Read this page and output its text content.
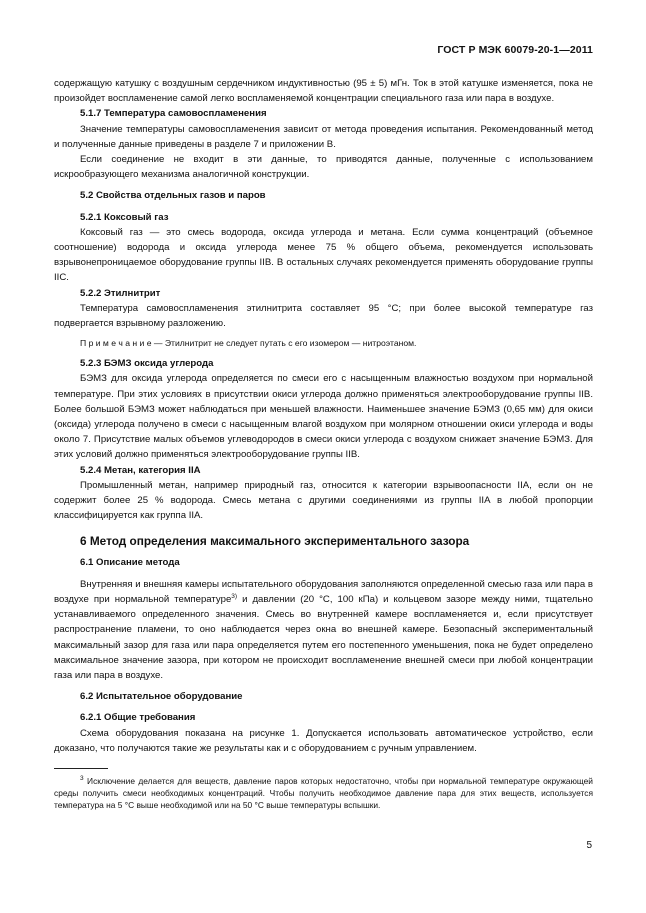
ГОСТ Р МЭК 60079-20-1—2011

содержащую катушку с воздушным сердечником индуктивностью (95 ± 5) мГн. Ток в этой катушке изменяется, пока не произойдет воспламенение самой легко воспламеняемой концентрации специального газа или пара в воздухе.

5.1.7 Температура самовоспламенения

Значение температуры самовоспламенения зависит от метода проведения испытания. Рекомендованный метод и полученные данные приведены в разделе 7 и приложении В.

Если соединение не входит в эти данные, то приводятся данные, полученные с использованием искрообразующего механизма аналогичной конструкции.

5.2 Свойства отдельных газов и паров

5.2.1 Коксовый газ

Коксовый газ — это смесь водорода, оксида углерода и метана. Если сумма концентраций (объемное соотношение) водорода и оксида углерода менее 75 % общего объема, рекомендуется использовать взрывонепроницаемое оборудование группы IIB. В остальных случаях рекомендуется применять оборудование группы IIC.

5.2.2 Этилнитрит

Температура самовоспламенения этилнитрита составляет 95 °С; при более высокой температуре газ подвергается взрывному разложению.

П р и м е ч а н и е — Этилнитрит не следует путать с его изомером — нитроэтаном.

5.2.3 БЭМЗ оксида углерода

БЭМЗ для оксида углерода определяется по смеси его с насыщенным влажностью воздухом при нормальной температуре. При этих условиях в присутствии окиси углерода должно применяться электрооборудование группы IIB. Более большой БЭМЗ может наблюдаться при меньшей влажности. Наименьшее значение БЭМЗ (0,65 мм) для окиси (оксида) углерода получено в смеси с насыщенным влагой воздухом при молярном отношении окиси углерода и воды около 7. Присутствие малых объемов углеводородов в смеси окиси углерода с воздухом снижает значение БЭМЗ. Для этих условий должно применяться электрооборудование группы IIB.

5.2.4 Метан, категория IIA

Промышленный метан, например природный газ, относится к категории взрывоопасности IIA, если он не содержит более 25 % водорода. Смесь метана с другими соединениями из группы IIA в любой пропорции классифицируется как группа IIA.

6 Метод определения максимального экспериментального зазора

6.1 Описание метода

Внутренняя и внешняя камеры испытательного оборудования заполняются определенной смесью газа или пара в воздухе при нормальной температуре$^{3)}$ и давлении (20 °С, 100 кПа) и кольцевом зазоре между ними, тщательно устанавливаемого определенного значения. Смесь во внутренней камере воспламеняется и, если присутствует распространение пламени, то оно наблюдается через окна во внешней камере. Безопасный экспериментальный максимальный зазор для газа или пара определяется путем его постепенного уменьшения, пока не будет определено максимальное значение зазора, при котором не происходит воспламенение внешней смеси при любой концентрации газа или пара в воздухе.

6.2 Испытательное оборудование

6.2.1 Общие требования

Схема оборудования показана на рисунке 1. Допускается использовать автоматическое устройство, если доказано, что получаются такие же результаты как и с оборудованием с ручным управлением.

$^3$ Исключение делается для веществ, давление паров которых недостаточно, чтобы при нормальной температуре окружающей среды получить смеси необходимых концентраций. Чтобы получить необходимое давление пара для этих веществ, используется температура на 5 °С выше необходимой или на 50 °С выше температуры вспышки.

5
